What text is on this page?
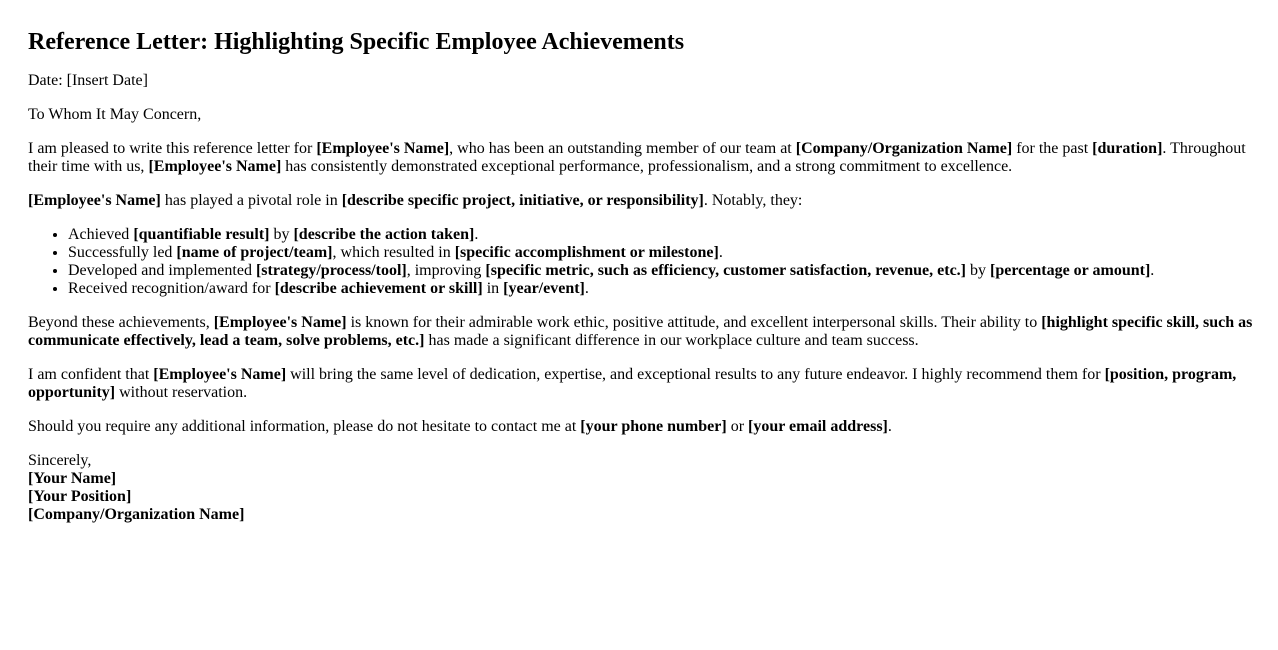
Reference Letter: Highlighting Specific Employee Achievements

Date: [Insert Date]

To Whom It May Concern,

I am pleased to write this reference letter for [Employee's Name], who has been an outstanding member of our team at [Company/Organization Name] for the past [duration]. Throughout their time with us, [Employee's Name] has consistently demonstrated exceptional performance, professionalism, and a strong commitment to excellence.

[Employee's Name] has played a pivotal role in [describe specific project, initiative, or responsibility]. Notably, they:

• Achieved [quantifiable result] by [describe the action taken].
• Successfully led [name of project/team], which resulted in [specific accomplishment or milestone].
• Developed and implemented [strategy/process/tool], improving [specific metric, such as efficiency, customer satisfaction, revenue, etc.] by [percentage or amount].
• Received recognition/award for [describe achievement or skill] in [year/event].

Beyond these achievements, [Employee's Name] is known for their admirable work ethic, positive attitude, and excellent interpersonal skills. Their ability to [highlight specific skill, such as communicate effectively, lead a team, solve problems, etc.] has made a significant difference in our workplace culture and team success.

I am confident that [Employee's Name] will bring the same level of dedication, expertise, and exceptional results to any future endeavor. I highly recommend them for [position, program, opportunity] without reservation.

Should you require any additional information, please do not hesitate to contact me at [your phone number] or [your email address].

Sincerely,
[Your Name]
[Your Position]
[Company/Organization Name]
